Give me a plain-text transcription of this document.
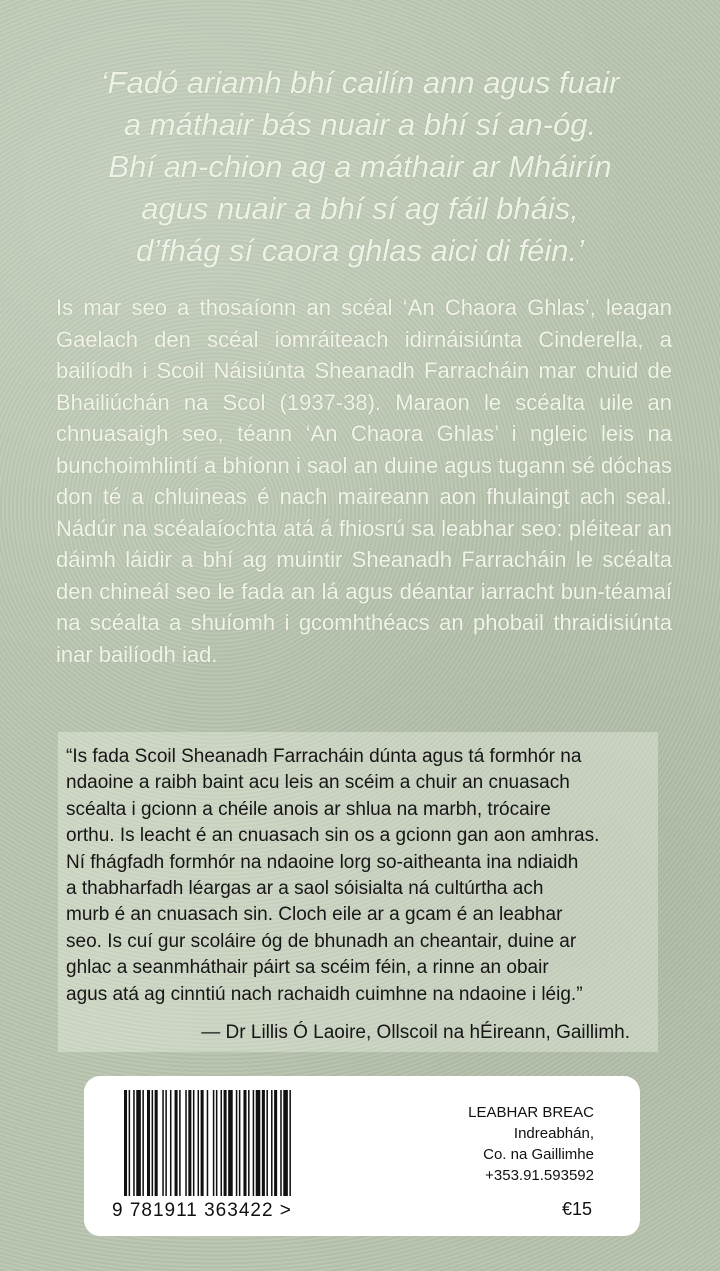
‘Fadó ariamh bhí cailín ann agus fuair
a máthair bás nuair a bhí sí an-óg.
Bhí an-chion ag a máthair ar Mháirín
agus nuair a bhí sí ag fáil bháis,
d’fhág sí caora ghlas aici di féin.’
Is mar seo a thosaíonn an scéal ‘An Chaora Ghlas’, leagan Gaelach den scéal iomráiteach idirnáisiúnta Cinderella, a bailíodh i Scoil Náisiúnta Sheanadh Farracháin mar chuid de Bhailiúchán na Scol (1937-38). Maraon le scéalta uile an chnuasaigh seo, téann ‘An Chaora Ghlas’ i ngleic leis na bunchoimhlintí a bhíonn i saol an duine agus tugann sé dóchas don té a chluineas é nach maireann aon fhulaingt ach seal. Nádúr na scéalaíochta atá á fhiosrú sa leabhar seo: pléitear an dáimh láidir a bhí ag muintir Sheanadh Farracháin le scéalta den chineál seo le fada an lá agus déantar iarracht bun-téamaí na scéalta a shuíomh i gcomhthéacs an phobail thraidisiúnta inar bailíodh iad.
“Is fada Scoil Sheanadh Farracháin dúnta agus tá formhór na
ndaoine a raibh baint acu leis an scéim a chuir an cnuasach
scéalta i gcionn a chéile anois ar shlua na marbh, trócaire
orthu. Is leacht é an cnuasach sin os a gcionn gan aon amhras.
Ní fhágfadh formhór na ndaoine lorg so-aitheanta ina ndiaidh
a thabharfadh léargas ar a saol sóisialta ná cultúrtha ach
murb é an cnuasach sin. Cloch eile ar a gcam é an leabhar
seo. Is cuí gur scoláire óg de bhunadh an cheantair, duine ar
ghlac a seanmháthair páirt sa scéim féin, a rinne an obair
agus atá ag cinntiú nach rachaidh cuimhne na ndaoine i léig.”
— Dr Lillis Ó Laoire, Ollscoil na hÉireann, Gaillimh.
9 781911 363422 >
LEABHAR BREAC
Indreabhán,
Co. na Gaillimhe
+353.91.593592
€15
